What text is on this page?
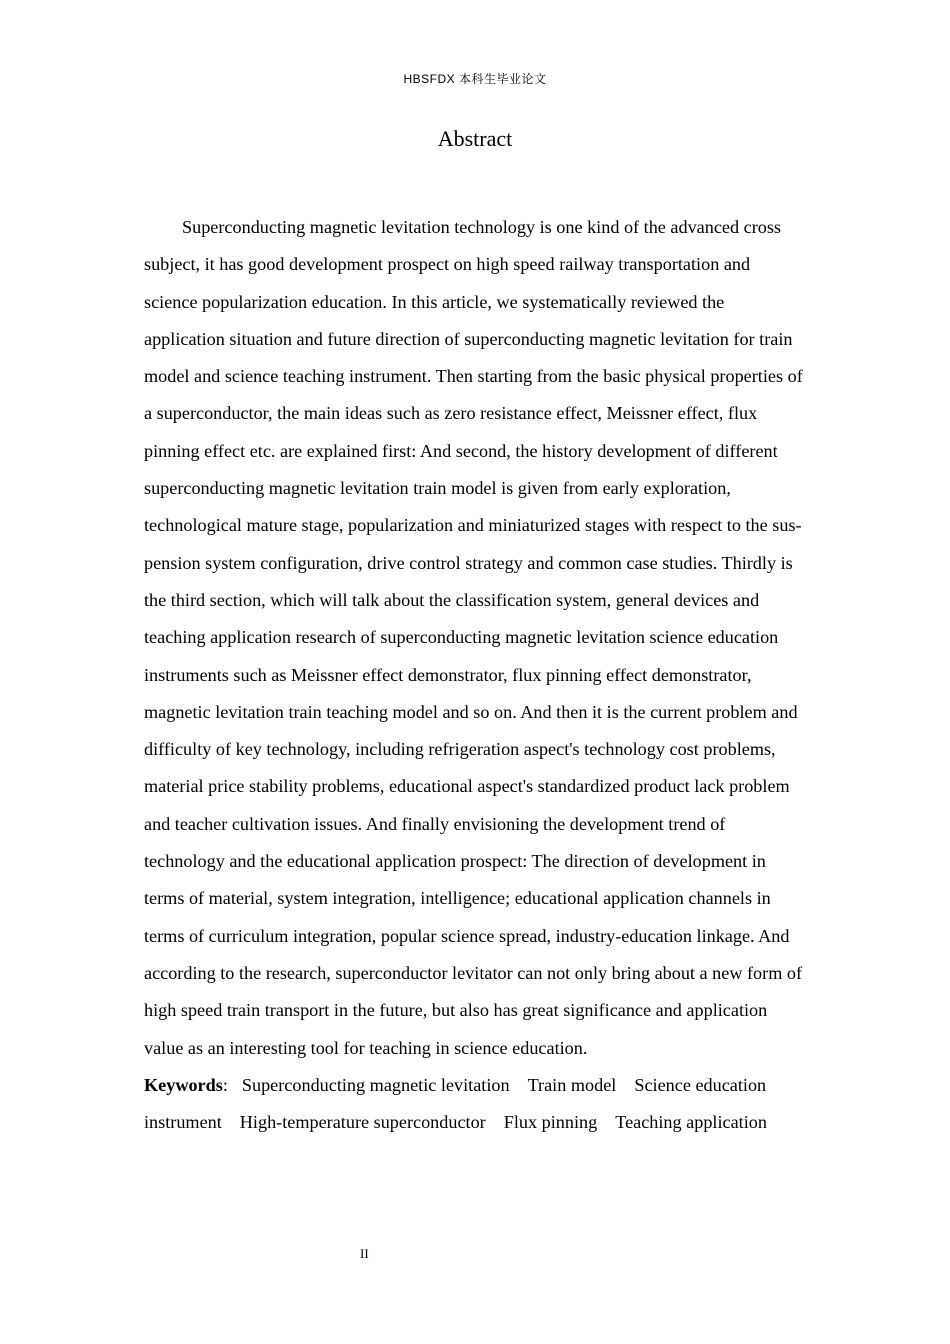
HBSFDX 本科生毕业论文
Abstract

Superconducting magnetic levitation technology is one kind of the advanced cross subject, it has good development prospect on high speed railway transportation and science popularization education. In this article, we systematically reviewed the application situation and future direction of superconducting magnetic levitation for train model and science teaching instrument. Then starting from the basic physical properties of a superconductor, the main ideas such as zero resistance effect, Meissner effect, flux pinning effect etc. are explained first: And second, the history development of different superconducting magnetic levitation train model is given from early exploration, technological mature stage, popularization and miniaturized stages with respect to the sus-pension system configuration, drive control strategy and common case studies. Thirdly is the third section, which will talk about the classification system, general devices and teaching application research of superconducting magnetic levitation science education instruments such as Meissner effect demonstrator, flux pinning effect demonstrator, magnetic levitation train teaching model and so on. And then it is the current problem and difficulty of key technology, including refrigeration aspect's technology cost problems, material price stability problems, educational aspect's standardized product lack problem and teacher cultivation issues. And finally envisioning the development trend of technology and the educational application prospect: The direction of development in terms of material, system integration, intelligence; educational application channels in terms of curriculum integration, popular science spread, industry-education linkage. And according to the research, superconductor levitator can not only bring about a new form of high speed train transport in the future, but also has great significance and application value as an interesting tool for teaching in science education.

Keywords: Superconducting magnetic levitation Train model Science education instrument High-temperature superconductor Flux pinning Teaching application

II
